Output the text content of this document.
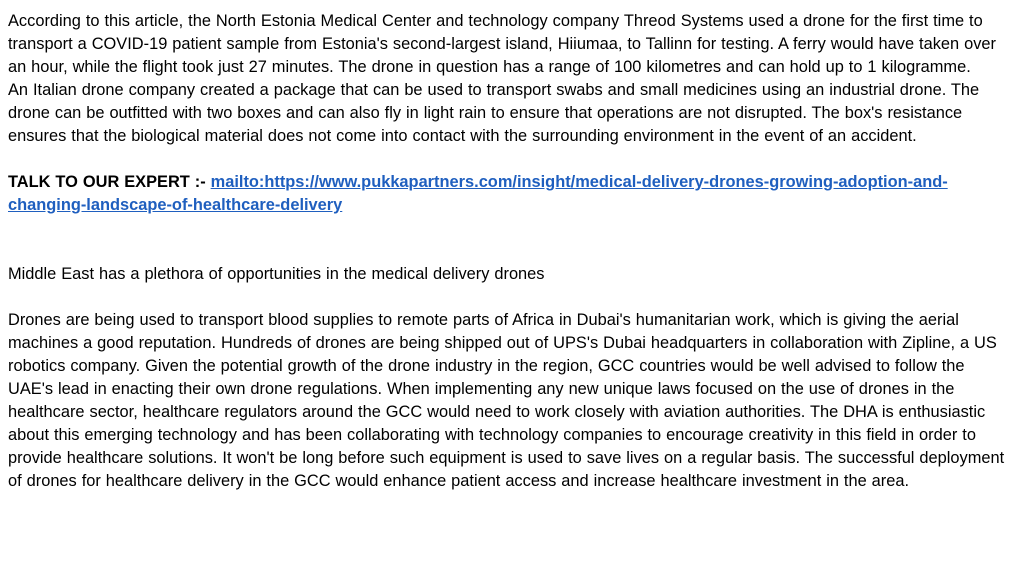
According to this article, the North Estonia Medical Center and technology company Threod Systems used a drone for the first time to transport a COVID-19 patient sample from Estonia's second-largest island, Hiiumaa, to Tallinn for testing. A ferry would have taken over an hour, while the flight took just 27 minutes. The drone in question has a range of 100 kilometres and can hold up to 1 kilogramme.

An Italian drone company created a package that can be used to transport swabs and small medicines using an industrial drone. The drone can be outfitted with two boxes and can also fly in light rain to ensure that operations are not disrupted. The box's resistance ensures that the biological material does not come into contact with the surrounding environment in the event of an accident.

TALK TO OUR EXPERT :- mailto:https://www.pukkapartners.com/insight/medical-delivery-drones-growing-adoption-and-changing-landscape-of-healthcare-delivery

Middle East has a plethora of opportunities in the medical delivery drones

Drones are being used to transport blood supplies to remote parts of Africa in Dubai's humanitarian work, which is giving the aerial machines a good reputation. Hundreds of drones are being shipped out of UPS's Dubai headquarters in collaboration with Zipline, a US robotics company. Given the potential growth of the drone industry in the region, GCC countries would be well advised to follow the UAE's lead in enacting their own drone regulations. When implementing any new unique laws focused on the use of drones in the healthcare sector, healthcare regulators around the GCC would need to work closely with aviation authorities. The DHA is enthusiastic about this emerging technology and has been collaborating with technology companies to encourage creativity in this field in order to provide healthcare solutions. It won't be long before such equipment is used to save lives on a regular basis. The successful deployment of drones for healthcare delivery in the GCC would enhance patient access and increase healthcare investment in the area.
